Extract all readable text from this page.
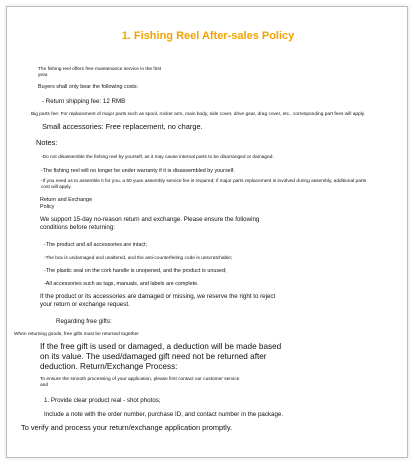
1. Fishing Reel After-sales Policy
The fishing reel offers free maintenance service in the first
year.
Buyers shall only bear the following costs:
- Return shipping fee: 12 RMB
Big parts fee: For replacement of major parts such as spool, rocker arm, main body, side cover, drive gear, drag cover, etc., corresponding part fees will apply.
Small accessories: Free replacement, no charge.
Notes:
-Do not disassemble the fishing reel by yourself, as it may cause internal parts to be disarranged or damaged.
-The fishing reel will no longer be under warranty if it is disassembled by yourself.
-If you need us to assemble it for you, a 50 yuan assembly service fee is required; if major parts replacement is involved during assembly, additional parts
cost will apply.
Return and Exchange
Policy
We support 15-day no-reason return and exchange. Please ensure the following
conditions before returning:
-The product and all accessories are intact;
-The box is undamaged and unaltered, and the anti-counterfeiting code is unscratchable;
-The plastic seal on the cork handle is unopened, and the product is unused;
-All accessories such as tags, manuals, and labels are complete.
If the product or its accessories are damaged or missing, we reserve the right to reject
your return or exchange request.
Regarding free gifts:
When returning goods, free gifts must be returned together
If the free gift is used or damaged, a deduction will be made based
on its value. The used/damaged gift need not be returned after
deduction. Return/Exchange Process:
To ensure the smooth processing of your application, please first contact our customer service
and
1. Provide clear product real - shot photos;
Include a note with the order number, purchase ID, and contact number in the package.
To verify and process your return/exchange application promptly.
